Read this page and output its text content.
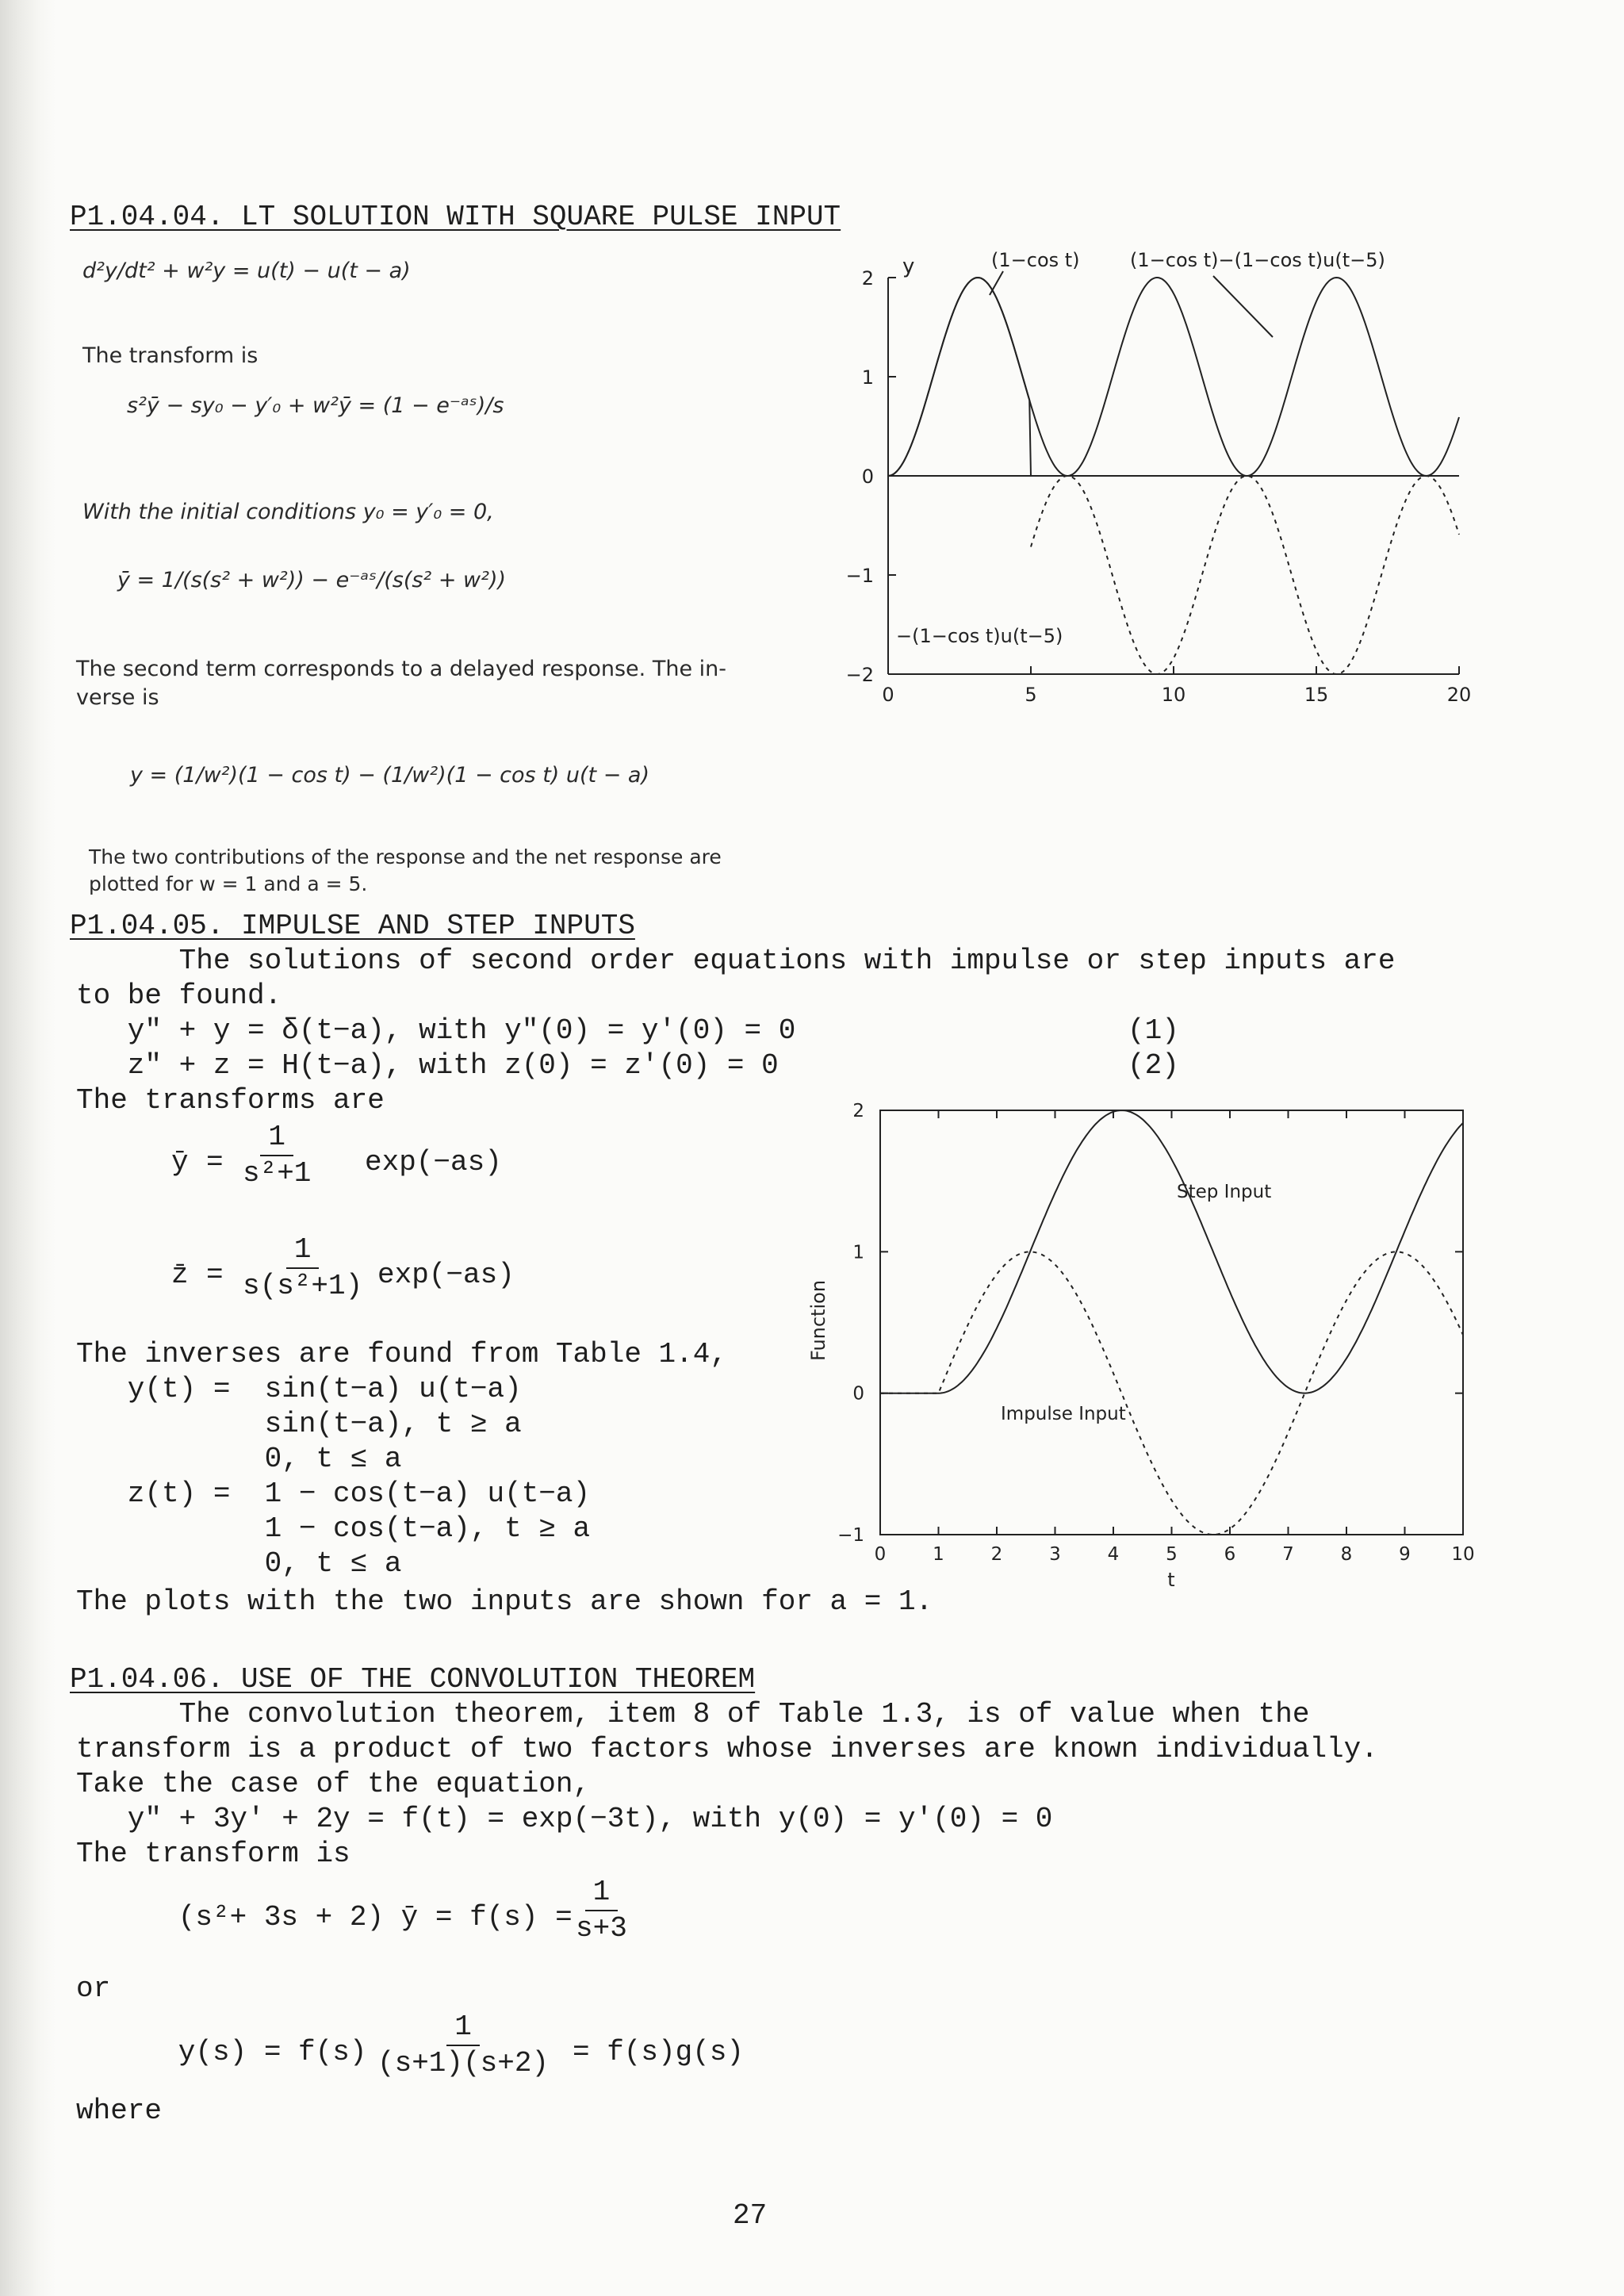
P1.04.04. LT SOLUTION WITH SQUARE PULSE INPUT
d²y/dt² + w²y = u(t) − u(t − a)
The transform is
s²ȳ − sy₀ − y′₀ + w²ȳ = (1 − e⁻ᵃˢ)/s
With the initial conditions y₀ = y′₀ = 0,
ȳ = 1/(s(s² + w²)) − e⁻ᵃˢ/(s(s² + w²))
The second term corresponds to a delayed response. The in-
verse is
y = (1/w²)(1 − cos t) − (1/w²)(1 − cos t) u(t − a)
The two contributions of the response and the net response are
plotted for w = 1 and a = 5.
2
1
0
−1
−2
0	5	10	15	20
y	(1−cos t)	(1−cos t)−(1−cos t)u(t−5)
−(1−cos t)u(t−5)
P1.04.05. IMPULSE AND STEP INPUTS
The solutions of second order equations with impulse or step inputs are
to be found.
y" + y = δ(t−a), with y"(0) = y'(0) = 0	(1)
z" + z = H(t−a), with z(0) = z'(0) = 0	(2)
The transforms are
ȳ = $\frac{1}{\text{s²+1}} \exp(-as)$
z̄ = $\frac{1}{\text{s(s²+1)}} \exp(-as)$
The inverses are found from Table 1.4,
y(t) =  sin(t−a) u(t−a)
sin(t−a), t ≥ a
0, t ≤ a
z(t) =  1 − cos(t−a) u(t−a)
1 − cos(t−a), t ≥ a
0, t ≤ a
The plots with the two inputs are shown for a = 1.
2
1
0
−1
0	1	2	3	4	5	6	7	8	9 10
Function
t
Step Input
Impulse Input
P1.04.06. USE OF THE CONVOLUTION THEOREM
The convolution theorem, item 8 of Table 1.3, is of value when the
transform is a product of two factors whose inverses are known individually.
Take the case of the equation,
y" + 3y' + 2y = f(t) = exp(−3t), with y(0) = y'(0) = 0
The transform is
(s²+ 3s + 2) ȳ = f(s) =
$\frac{1}{s+3}$
or
$y(s) = f(s) \frac{1}{(s+1)(s+2)} = f(s)g(s)$
where
27
